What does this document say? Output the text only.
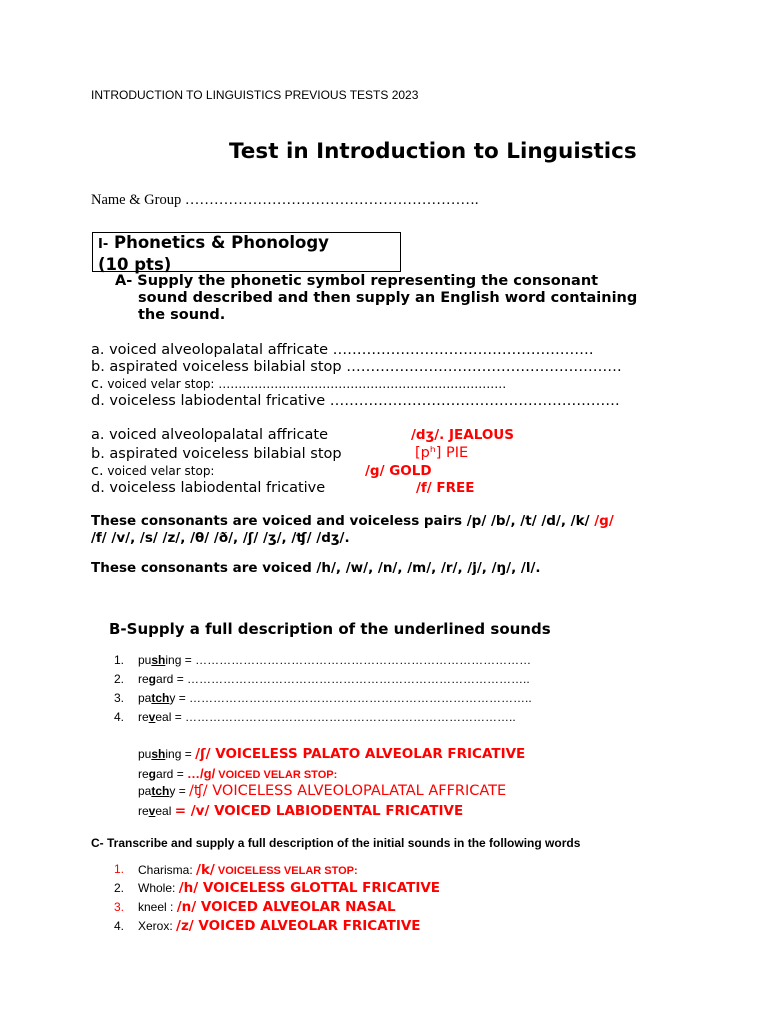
INTRODUCTION TO LINGUISTICS PREVIOUS TESTS 2023
Test in Introduction to Linguistics
Name & Group …………………………………………………….
I- Phonetics & Phonology
(10 pts)
A- Supply the phonetic symbol representing the consonant
sound described and then supply an English word containing
the sound.
a. voiced alveolopalatal affricate ………………………………………………
b. aspirated voiceless bilabial stop …………………………………………………
c. voiced velar stop: ………………………………………………………………
d. voiceless labiodental fricative ……………………………………………………
a. voiced alveolopalatal affricate	/dʒ/. JEALOUS
b. aspirated voiceless bilabial stop	[pʰ] PIE
c. voiced velar stop:	/g/ GOLD
d. voiceless labiodental fricative	/f/ FREE
These consonants are voiced and voiceless pairs /p/ /b/, /t/ /d/, /k/ /g/
/f/ /v/, /s/ /z/, /θ/ /ð/, /ʃ/ /ʒ/, /ʧ/ /dʒ/.
These consonants are voiced /h/, /w/, /n/, /m/, /r/, /j/, /ŋ/, /l/.
B-Supply a full description of the underlined sounds
1. pushing = …………………………………………………………………………
2. regard = …………………………………………………………………………..
3. patchy = …………………………………………………………………………..
4. reveal = ………………………………………………………………………..
pushing = /ʃ/ VOICELESS PALATO ALVEOLAR FRICATIVE
regard = …/g/ VOICED VELAR STOP:
patchy = /ʧ/ VOICELESS ALVEOLOPALATAL AFFRICATE
reveal = /v/ VOICED LABIODENTAL FRICATIVE
C- Transcribe and supply a full description of the initial sounds in the following words
1. Charisma: /k/ VOICELESS VELAR STOP:
2. Whole: /h/ VOICELESS GLOTTAL FRICATIVE
3. kneel : /n/ VOICED ALVEOLAR NASAL
4. Xerox: /z/ VOICED ALVEOLAR FRICATIVE
